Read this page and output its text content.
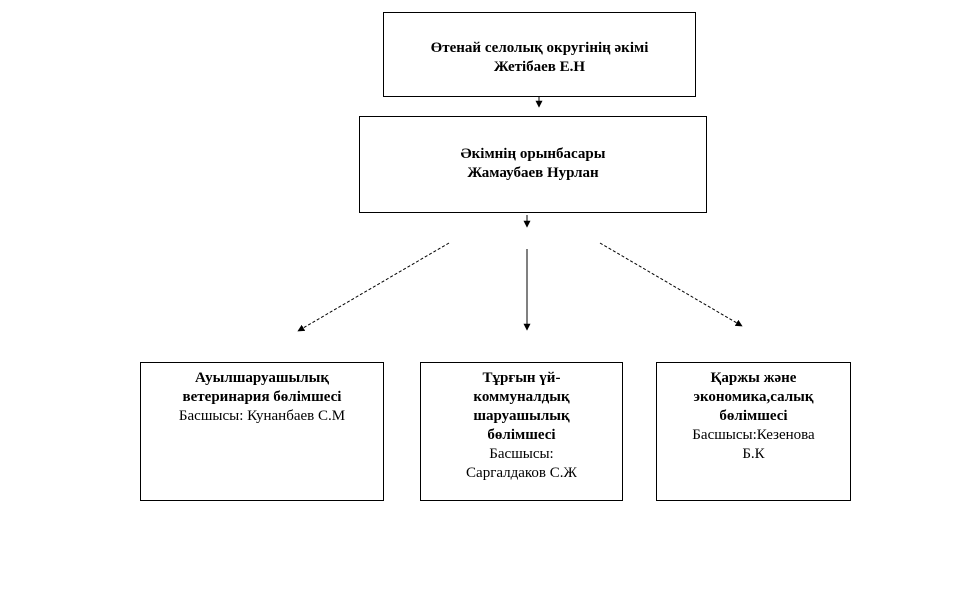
Өтенай селолық округінің әкімі
Жетібаев Е.Н
Әкімнің орынбасары
Жамаубаев Нурлан
Ауылшаруашылық
ветеринария бөлімшесі
Басшысы: Кунанбаев С.М
Тұрғын үй-
коммуналдық
шаруашылық
бөлімшесі
Басшысы:
Саргалдаков С.Ж
Қаржы және
экономика,салық
бөлімшесі
Басшысы:Кезенова
Б.К
